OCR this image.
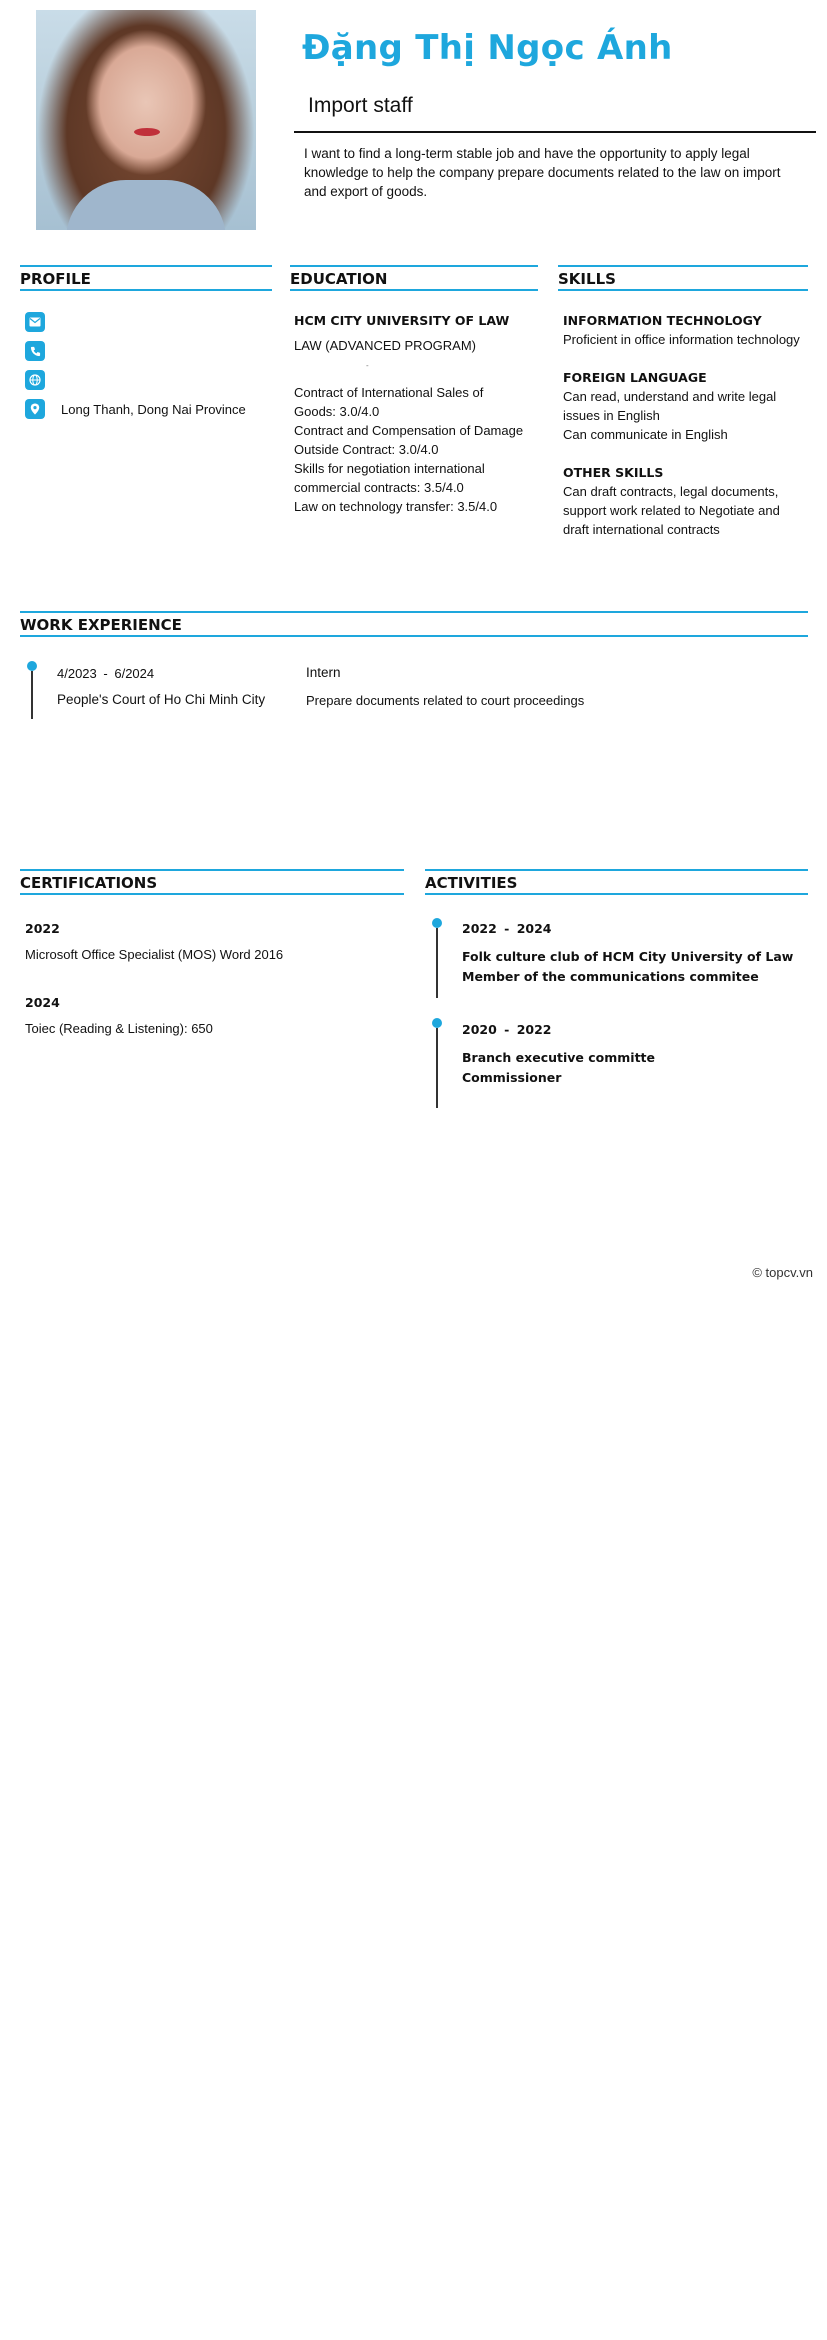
Đặng Thị Ngọc Ánh
Import staff
I want to find a long-term stable job and have the opportunity to apply legal knowledge to help the company prepare documents related to the law on import and export of goods.
PROFILE
Long Thanh, Dong Nai Province
EDUCATION
HCM CITY UNIVERSITY OF LAW
LAW (ADVANCED PROGRAM)
-
Contract of International Sales of Goods: 3.0/4.0
Contract and Compensation of Damage Outside Contract: 3.0/4.0
Skills for negotiation international commercial contracts: 3.5/4.0
Law on technology transfer: 3.5/4.0
SKILLS
INFORMATION TECHNOLOGY
Proficient in office information technology
FOREIGN LANGUAGE
Can read, understand and write legal issues in English
Can communicate in English
OTHER SKILLS
Can draft contracts, legal documents, support work related to Negotiate and draft international contracts
WORK EXPERIENCE
4/2023 - 6/2024
People's Court of Ho Chi Minh City
Intern
Prepare documents related to court proceedings
CERTIFICATIONS
2022
Microsoft Office Specialist (MOS) Word 2016
2024
Toiec (Reading & Listening): 650
ACTIVITIES
2022 - 2024
Folk culture club of HCM City University of Law
Member of the communications commitee
2020 - 2022
Branch executive committe
Commissioner
© topcv.vn
